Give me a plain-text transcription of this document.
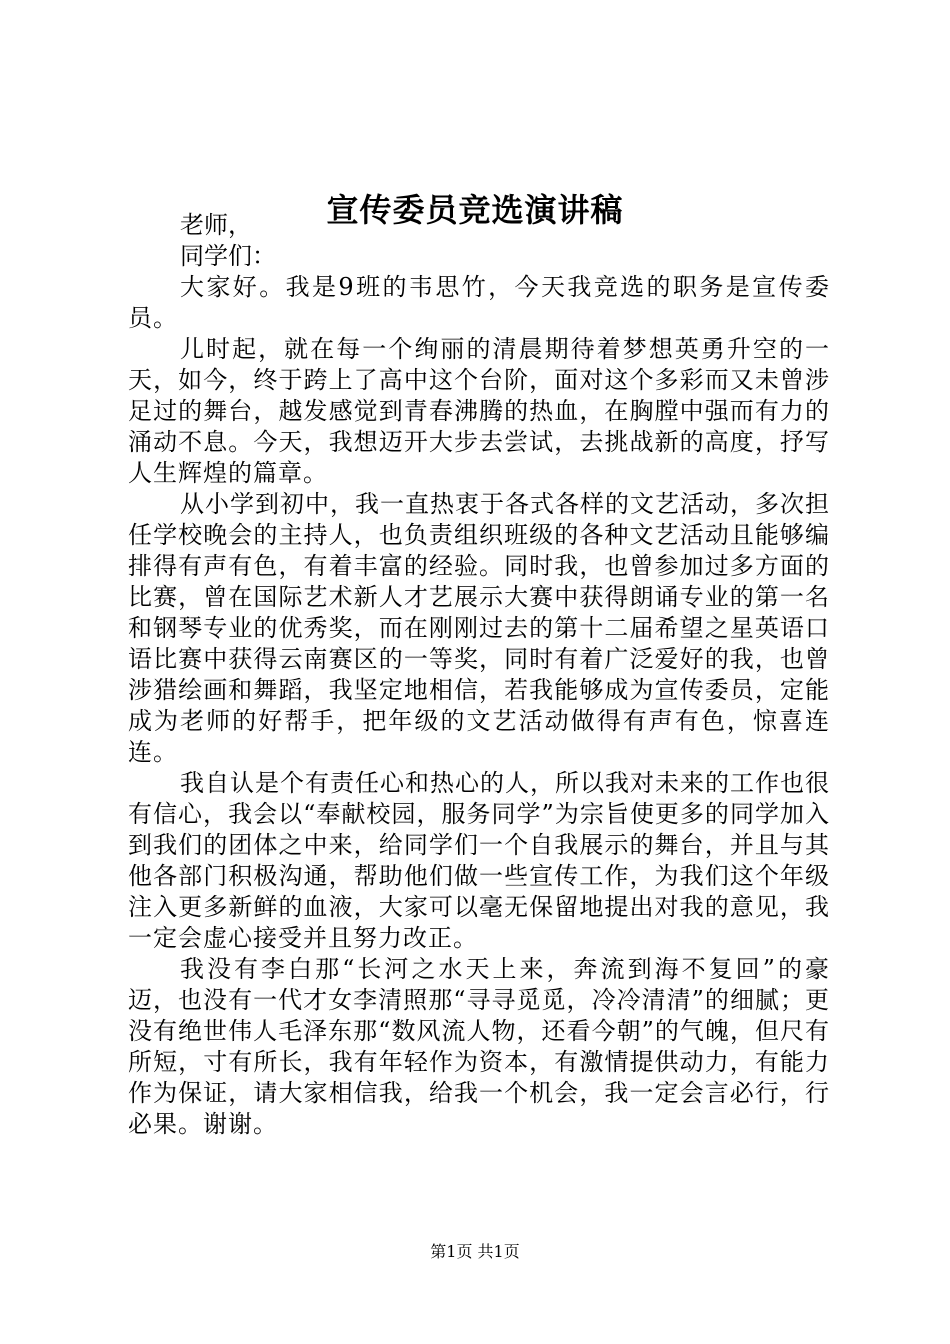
宣传委员竞选演讲稿

老师，

同学们：

大家好。我是9班的韦思竹，今天我竞选的职务是宣传委员。

儿时起，就在每一个绚丽的清晨期待着梦想英勇升空的一天，如今，终于跨上了高中这个台阶，面对这个多彩而又未曾涉足过的舞台，越发感觉到青春沸腾的热血，在胸膛中强而有力的涌动不息。今天，我想迈开大步去尝试，去挑战新的高度，抒写人生辉煌的篇章。

从小学到初中，我一直热衷于各式各样的文艺活动，多次担任学校晚会的主持人，也负责组织班级的各种文艺活动且能够编排得有声有色，有着丰富的经验。同时我，也曾参加过多方面的比赛，曾在国际艺术新人才艺展示大赛中获得朗诵专业的第一名和钢琴专业的优秀奖，而在刚刚过去的第十二届希望之星英语口语比赛中获得云南赛区的一等奖，同时有着广泛爱好的我，也曾涉猎绘画和舞蹈，我坚定地相信，若我能够成为宣传委员，定能成为老师的好帮手，把年级的文艺活动做得有声有色，惊喜连连。

我自认是个有责任心和热心的人，所以我对未来的工作也很有信心，我会以“奉献校园，服务同学”为宗旨使更多的同学加入到我们的团体之中来，给同学们一个自我展示的舞台，并且与其他各部门积极沟通，帮助他们做一些宣传工作，为我们这个年级注入更多新鲜的血液，大家可以毫无保留地提出对我的意见，我一定会虚心接受并且努力改正。

我没有李白那“长河之水天上来，奔流到海不复回”的豪迈，也没有一代才女李清照那“寻寻觅觅，冷冷清清”的细腻；更没有绝世伟人毛泽东那“数风流人物，还看今朝”的气魄，但尺有所短，寸有所长，我有年轻作为资本，有激情提供动力，有能力作为保证，请大家相信我，给我一个机会，我一定会言必行，行必果。谢谢。

第1页 共1页
